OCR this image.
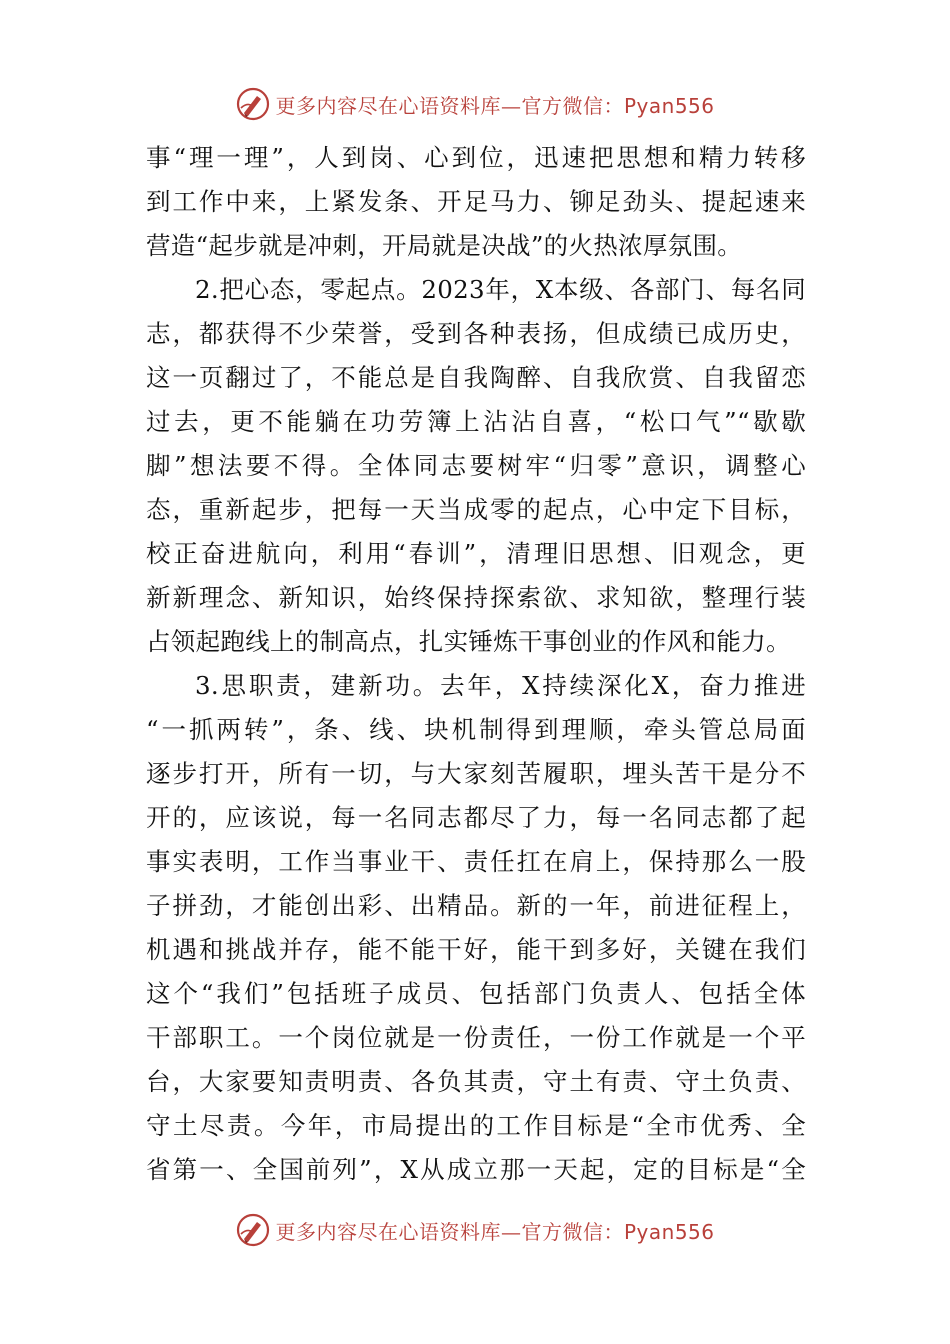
更多内容尽在心语资料库—官方微信：Pyan556
事“理一理”，人到岗、心到位，迅速把思想和精力转移
到工作中来，上紧发条、开足马力、铆足劲头、提起速来
营造“起步就是冲刺，开局就是决战”的火热浓厚氛围。
2.把心态，零起点。2023年，X本级、各部门、每名同
志，都获得不少荣誉，受到各种表扬，但成绩已成历史，
这一页翻过了，不能总是自我陶醉、自我欣赏、自我留恋
过去，更不能躺在功劳簿上沾沾自喜，“松口气”“歇歇
脚”想法要不得。全体同志要树牢“归零”意识，调整心
态，重新起步，把每一天当成零的起点，心中定下目标，
校正奋进航向，利用“春训”，清理旧思想、旧观念，更
新新理念、新知识，始终保持探索欲、求知欲，整理行装
占领起跑线上的制高点，扎实锤炼干事创业的作风和能力。
3.思职责，建新功。去年，X持续深化X，奋力推进
“一抓两转”，条、线、块机制得到理顺，牵头管总局面
逐步打开，所有一切，与大家刻苦履职，埋头苦干是分不
开的，应该说，每一名同志都尽了力，每一名同志都了起
事实表明，工作当事业干、责任扛在肩上，保持那么一股
子拼劲，才能创出彩、出精品。新的一年，前进征程上，
机遇和挑战并存，能不能干好，能干到多好，关键在我们
这个“我们”包括班子成员、包括部门负责人、包括全体
干部职工。一个岗位就是一份责任，一份工作就是一个平
台，大家要知责明责、各负其责，守土有责、守土负责、
守土尽责。今年，市局提出的工作目标是“全市优秀、全
省第一、全国前列”，X从成立那一天起，定的目标是“全
更多内容尽在心语资料库—官方微信：Pyan556
